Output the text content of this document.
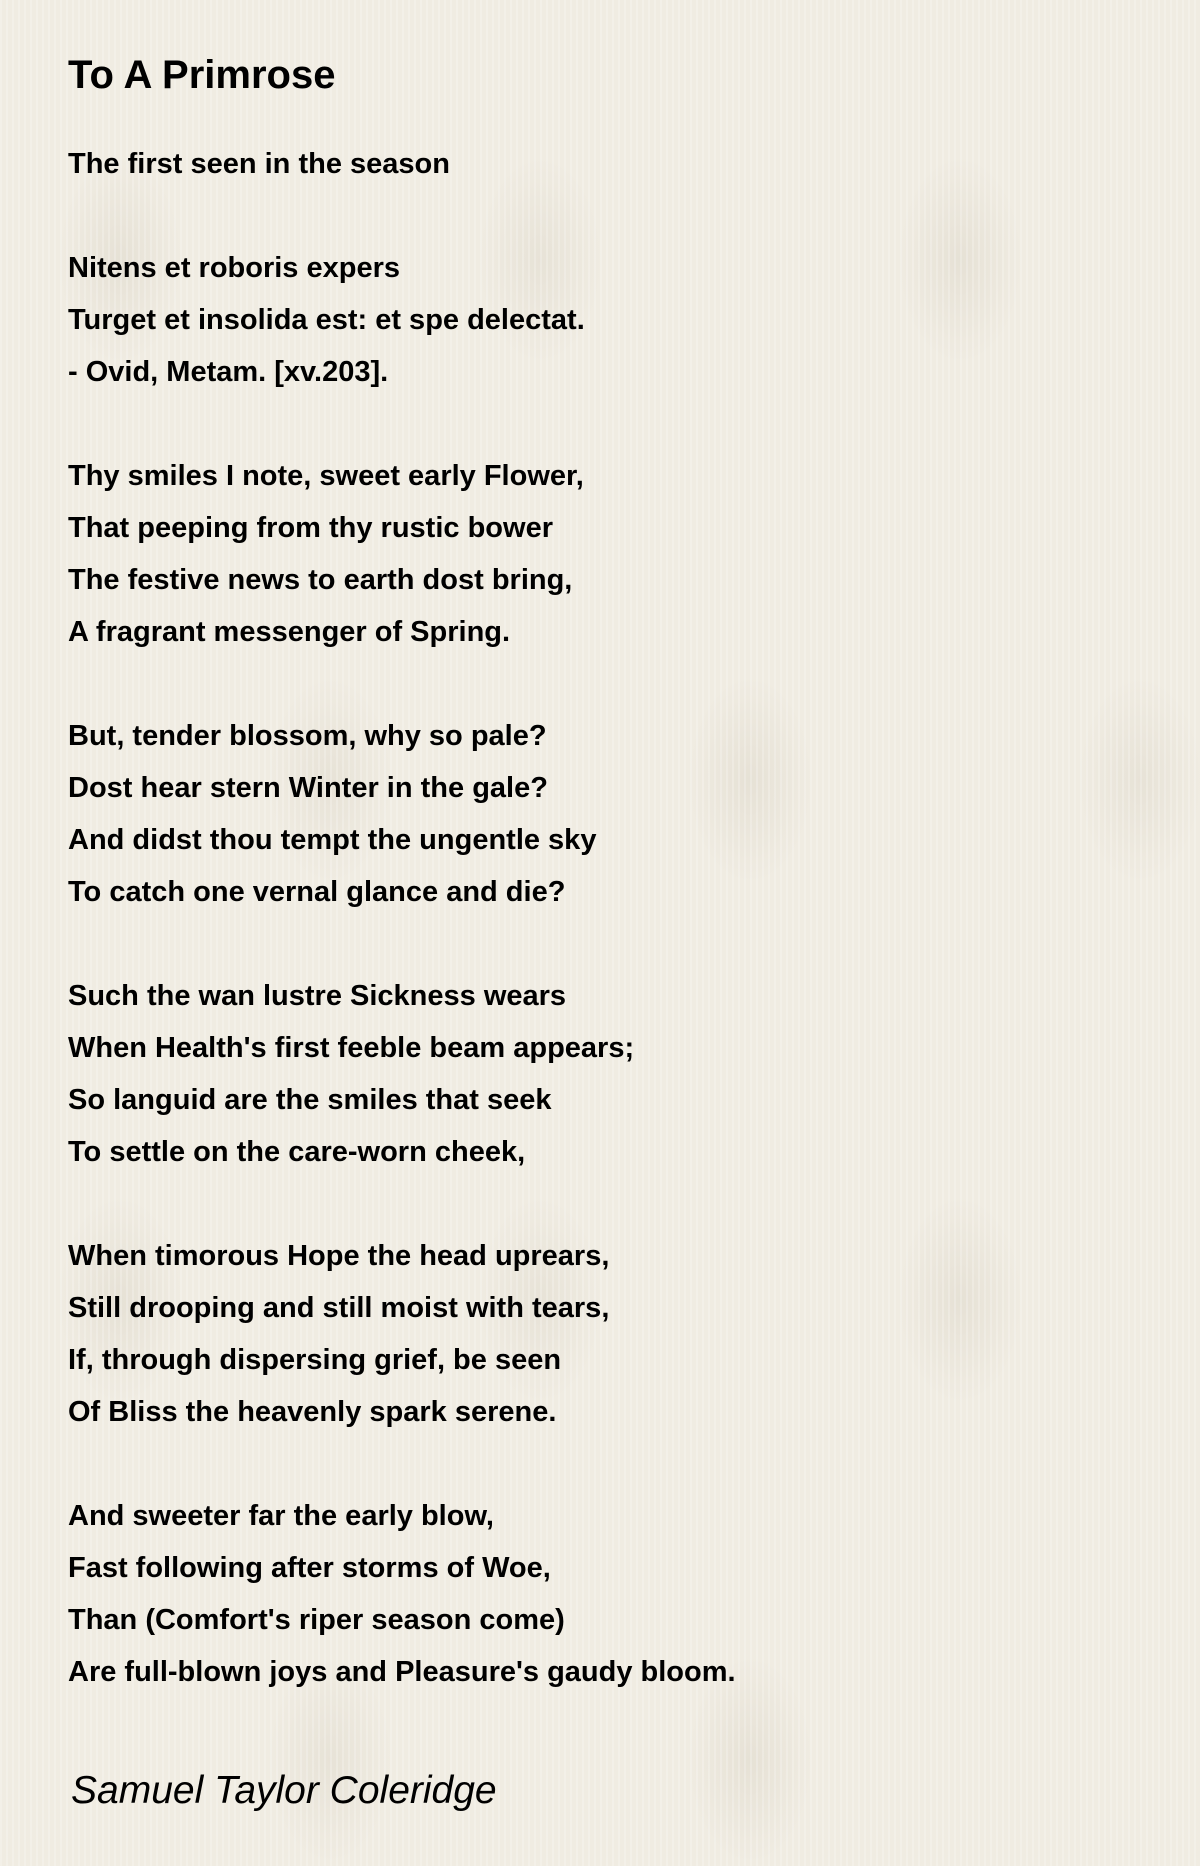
To A Primrose
The first seen in the season
Nitens et roboris expers
Turget et insolida est: et spe delectat.
- Ovid, Metam. [xv.203].
Thy smiles I note, sweet early Flower,
That peeping from thy rustic bower
The festive news to earth dost bring,
A fragrant messenger of Spring.
But, tender blossom, why so pale?
Dost hear stern Winter in the gale?
And didst thou tempt the ungentle sky
To catch one vernal glance and die?
Such the wan lustre Sickness wears
When Health's first feeble beam appears;
So languid are the smiles that seek
To settle on the care-worn cheek,
When timorous Hope the head uprears,
Still drooping and still moist with tears,
If, through dispersing grief, be seen
Of Bliss the heavenly spark serene.
And sweeter far the early blow,
Fast following after storms of Woe,
Than (Comfort's riper season come)
Are full-blown joys and Pleasure's gaudy bloom.
Samuel Taylor Coleridge
